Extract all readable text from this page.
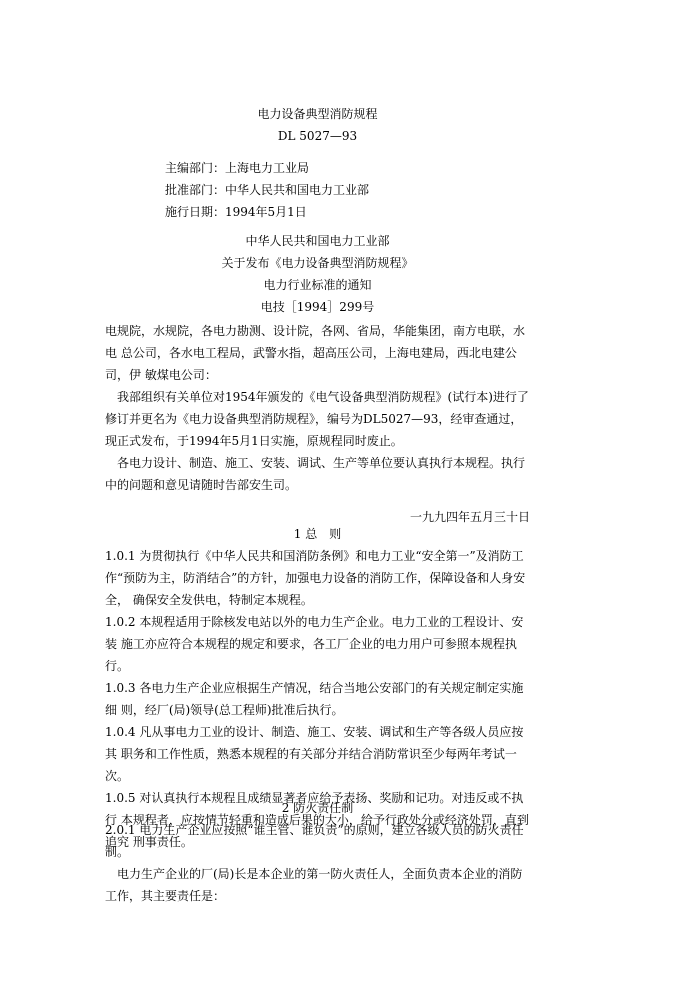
电力设备典型消防规程

DL 5027—93

主编部门：上海电力工业局

批准部门：中华人民共和国电力工业部

施行日期：1994年5月1日

中华人民共和国电力工业部

关于发布《电力设备典型消防规程》

电力行业标准的通知

电技［1994］299号

电规院，水规院，各电力勘测、设计院，各网、省局，华能集团，南方电联，水电 总公司，各水电工程局，武警水指，超高压公司，上海电建局，西北电建公司，伊 敏煤电公司：

我部组织有关单位对1954年颁发的《电气设备典型消防规程》(试行本)进行了修订并更名为《电力设备典型消防规程》，编号为DL5027—93，经审查通过， 现正式发布，于1994年5月1日实施，原规程同时废止。

各电力设计、制造、施工、安装、调试、生产等单位要认真执行本规程。执行 中的问题和意见请随时告部安生司。

一九九四年五月三十日

1 总　则

1.0.1 为贯彻执行《中华人民共和国消防条例》和电力工业“安全第一”及消防工 作“预防为主，防消结合”的方针，加强电力设备的消防工作，保障设备和人身安全， 确保安全发供电，特制定本规程。

1.0.2 本规程适用于除核发电站以外的电力生产企业。电力工业的工程设计、安装 施工亦应符合本规程的规定和要求，各工厂企业的电力用户可参照本规程执行。

1.0.3 各电力生产企业应根据生产情况，结合当地公安部门的有关规定制定实施细 则，经厂(局)领导(总工程师)批准后执行。

1.0.4 凡从事电力工业的设计、制造、施工、安装、调试和生产等各级人员应按其 职务和工作性质，熟悉本规程的有关部分并结合消防常识至少每两年考试一次。

1.0.5 对认真执行本规程且成绩显著者应给予表扬、奖励和记功。对违反或不执行 本规程者，应按情节轻重和造成后果的大小，给予行政处分或经济处罚，直到追究 刑事责任。

2 防火责任制

2.0.1 电力生产企业应按照“谁主管、谁负责”的原则，建立各级人员的防火责任 制。

电力生产企业的厂(局)长是本企业的第一防火责任人，全面负责本企业的消防工作，其主要责任是：
